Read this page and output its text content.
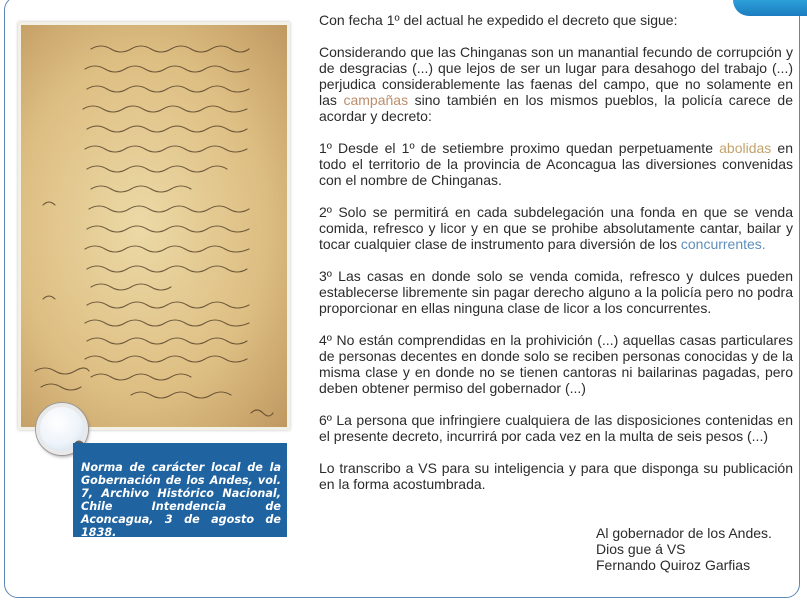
Norma de carácter local de la Gobernación de los Andes, vol. 7, Archivo Histórico Nacional, Chile Intendencia de Aconcagua, 3 de agosto de 1838.

Con fecha 1º del actual he expedido el decreto que sigue:

Considerando que las Chinganas son un manantial fecundo de corrupción y de desgracias (...) que lejos de ser un lugar para desahogo del trabajo (...) perjudica considerablemente las faenas del campo, que no solamente en las campañas sino también en los mismos pueblos, la policía carece de acordar y decreto:

1º Desde el 1º de setiembre proximo quedan perpetuamente abolidas en todo el territorio de la provincia de Aconcagua las diversiones convenidas con el nombre de Chinganas.

2º Solo se permitirá en cada subdelegación una fonda en que se venda comida, refresco y licor y en que se prohibe absolutamente cantar, bailar y tocar cualquier clase de instrumento para diversión de los concurrentes.

3º Las casas en donde solo se venda comida, refresco y dulces pueden establecerse libremente sin pagar derecho alguno a la policía pero no podra proporcionar en ellas ninguna clase de licor a los concurrentes.

4º No están comprendidas en la prohivición (...) aquellas casas particulares de personas decentes en donde solo se reciben personas conocidas y de la misma clase y en donde no se tienen cantoras ni bailarinas pagadas, pero deben obtener permiso del gobernador (...)

6º La persona que infringiere cualquiera de las disposiciones contenidas en el presente decreto, incurrirá por cada vez en la multa de seis pesos (...)

Lo transcribo a VS para su inteligencia y para que disponga su publicación en la forma acostumbrada.

Al gobernador de los Andes.
Dios gue á VS
Fernando Quiroz Garfias
